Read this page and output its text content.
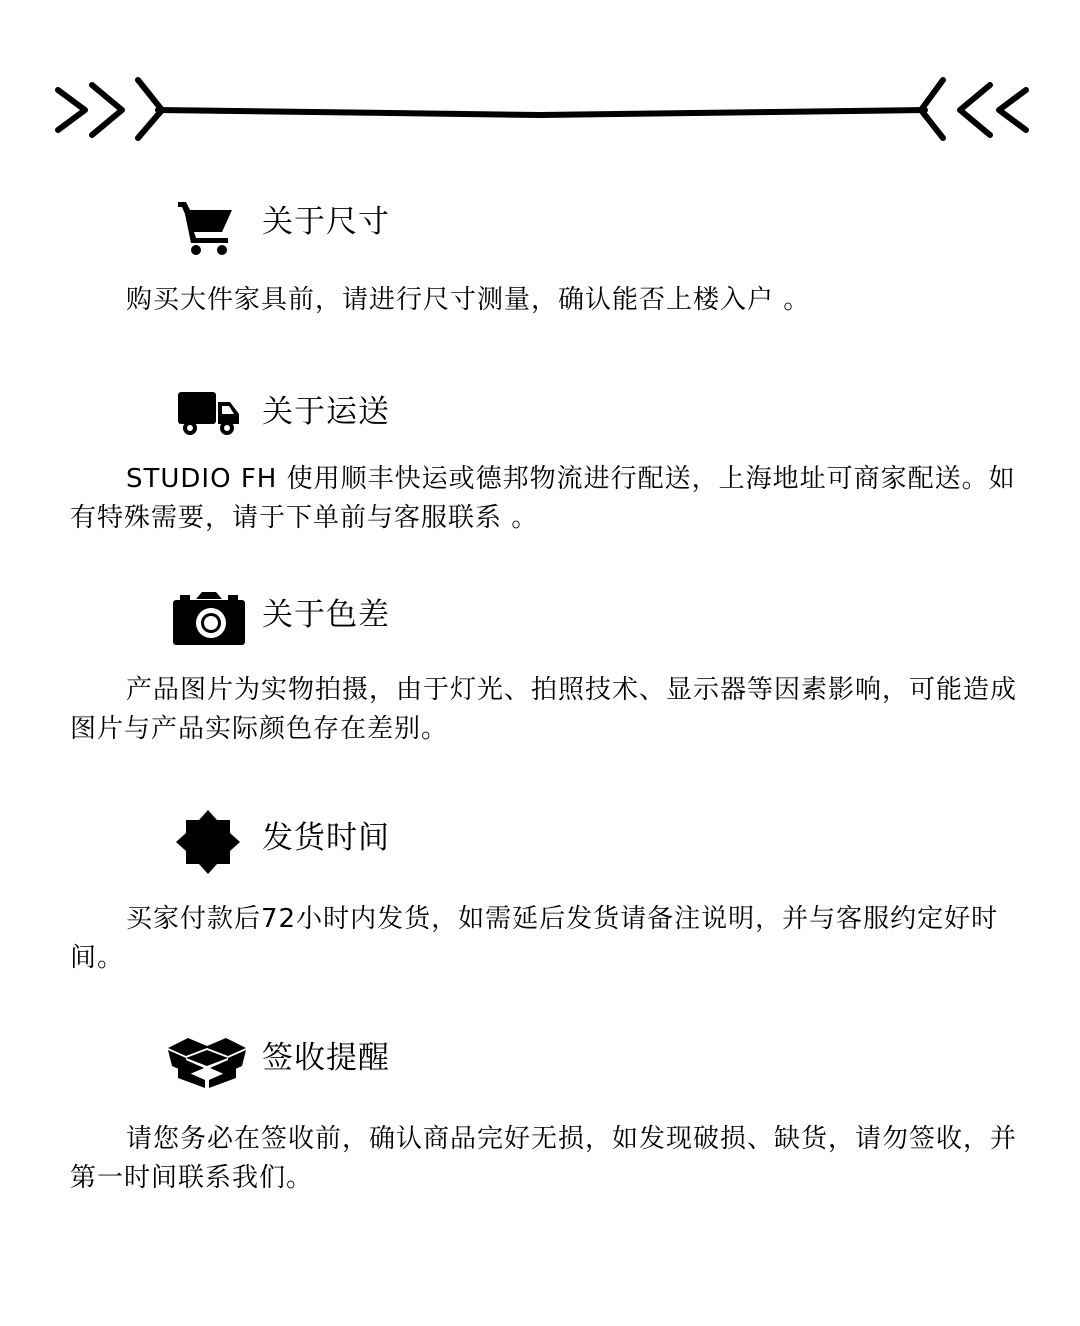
关于尺寸
购买大件家具前，请进行尺寸测量，确认能否上楼入户 。
关于运送
STUDIO FH 使用顺丰快运或德邦物流进行配送，上海地址可商家配送。如有特殊需要，请于下单前与客服联系 。
关于色差
产品图片为实物拍摄，由于灯光、拍照技术、显示器等因素影响，可能造成图片与产品实际颜色存在差别。
发货时间
买家付款后72小时内发货，如需延后发货请备注说明，并与客服约定好时间。
签收提醒
请您务必在签收前，确认商品完好无损，如发现破损、缺货，请勿签收，并第一时间联系我们。
